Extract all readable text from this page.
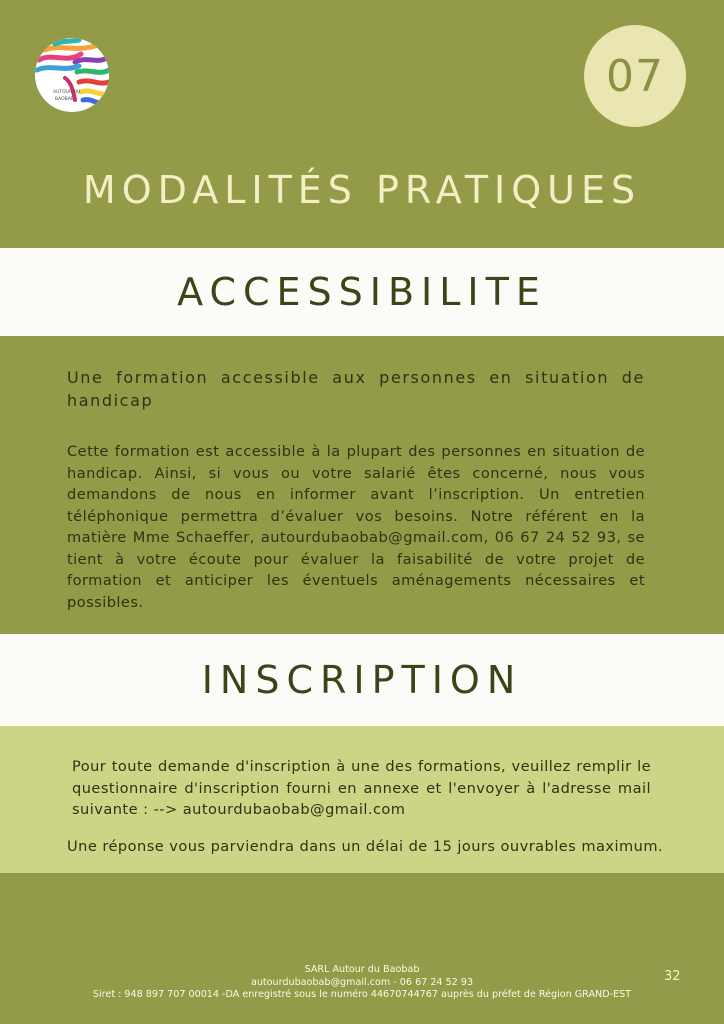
AUTOUR DU
BAOBAB	07
MODALITÉS PRATIQUES
ACCESSIBILITE

Une formation accessible aux personnes en situation de handicap

Cette formation est accessible à la plupart des personnes en situation de handicap. Ainsi, si vous ou votre salarié êtes concerné, nous vous demandons de nous en informer avant l’inscription. Un entretien téléphonique permettra d’évaluer vos besoins. Notre référent en la matière Mme Schaeffer, autourdubaobab@gmail.com, 06 67 24 52 93, se tient à votre écoute pour évaluer la faisabilité de votre projet de formation et anticiper les éventuels aménagements nécessaires et possibles.

INSCRIPTION

Pour toute demande d'inscription à une des formations, veuillez remplir le questionnaire d'inscription fourni en annexe et l'envoyer à l'adresse mail suivante : --> autourdubaobab@gmail.com

Une réponse vous parviendra dans un délai de 15 jours ouvrables maximum.

SARL Autour du Baobab
autourdubaobab@gmail.com - 06 67 24 52 93
Siret : 948 897 707 00014 -DA enregistré sous le numéro 44670744767 auprès du préfet de Région GRAND-EST
32
